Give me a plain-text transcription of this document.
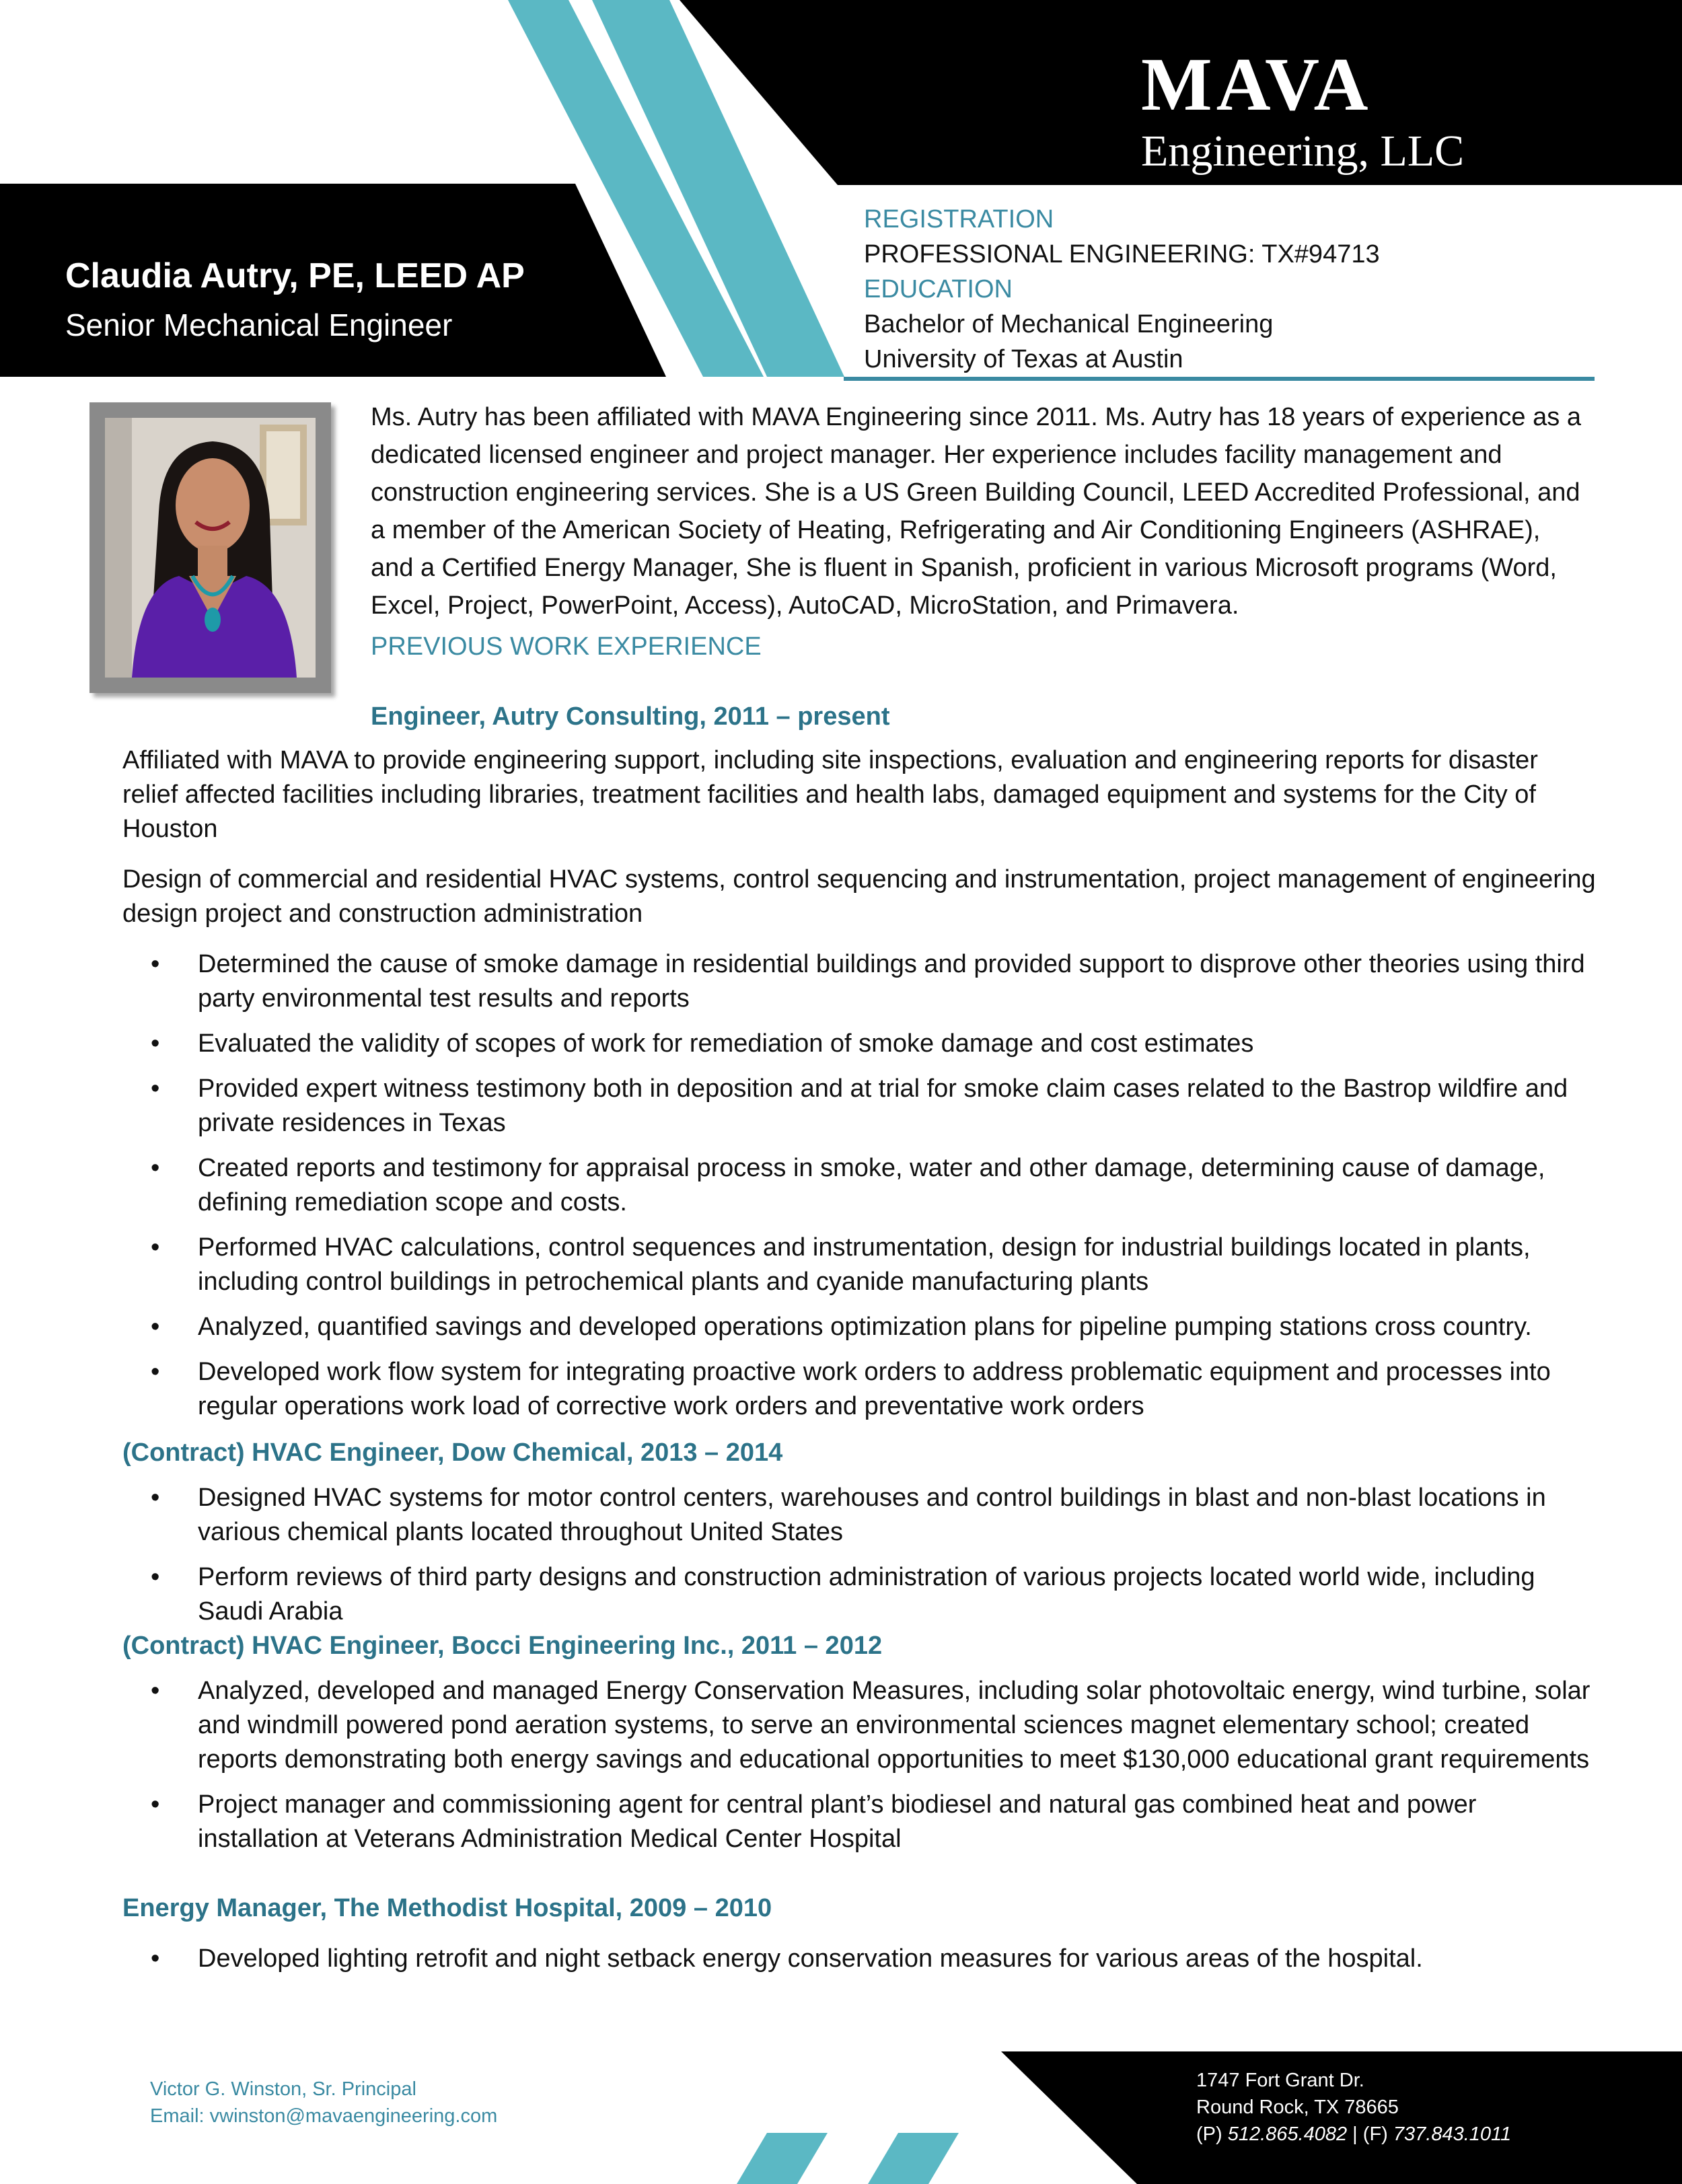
MAVA
Engineering, LLC
Claudia Autry, PE, LEED AP
Senior Mechanical Engineer
REGISTRATION
PROFESSIONAL ENGINEERING: TX#94713
EDUCATION
Bachelor of Mechanical Engineering
University of Texas at Austin
Ms. Autry has been affiliated with MAVA Engineering since 2011. Ms. Autry has 18 years of experience as a dedicated licensed engineer and project manager. Her experience includes facility management and construction engineering services. She is a US Green Building Council, LEED Accredited Professional, and a member of the American Society of Heating, Refrigerating and Air Conditioning Engineers (ASHRAE), and a Certified Energy Manager, She is fluent in Spanish, proficient in various Microsoft programs (Word, Excel, Project, PowerPoint, Access), AutoCAD, MicroStation, and Primavera.
PREVIOUS WORK EXPERIENCE
Engineer, Autry Consulting, 2011 – present

Affiliated with MAVA to provide engineering support, including site inspections, evaluation and engineering reports for disaster relief affected facilities including libraries, treatment facilities and health labs, damaged equipment and systems for the City of Houston

Design of commercial and residential HVAC systems, control sequencing and instrumentation, project management of engineering design project and construction administration

• Determined the cause of smoke damage in residential buildings and provided support to disprove other theories using third party environmental test results and reports
• Evaluated the validity of scopes of work for remediation of smoke damage and cost estimates
• Provided expert witness testimony both in deposition and at trial for smoke claim cases related to the Bastrop wildfire and private residences in Texas
• Created reports and testimony for appraisal process in smoke, water and other damage, determining cause of damage, defining remediation scope and costs.
• Performed HVAC calculations, control sequences and instrumentation, design for industrial buildings located in plants, including control buildings in petrochemical plants and cyanide manufacturing plants
• Analyzed, quantified savings and developed operations optimization plans for pipeline pumping stations cross country.
• Developed work flow system for integrating proactive work orders to address problematic equipment and processes into regular operations work load of corrective work orders and preventative work orders
(Contract) HVAC Engineer, Dow Chemical, 2013 – 2014
• Designed HVAC systems for motor control centers, warehouses and control buildings in blast and non-blast locations in various chemical plants located throughout United States
• Perform reviews of third party designs and construction administration of various projects located world wide, including Saudi Arabia
(Contract) HVAC Engineer, Bocci Engineering Inc., 2011 – 2012
• Analyzed, developed and managed Energy Conservation Measures, including solar photovoltaic energy, wind turbine, solar and windmill powered pond aeration systems, to serve an environmental sciences magnet elementary school; created reports demonstrating both energy savings and educational opportunities to meet $130,000 educational grant requirements
• Project manager and commissioning agent for central plant’s biodiesel and natural gas combined heat and power installation at Veterans Administration Medical Center Hospital
Energy Manager, The Methodist Hospital, 2009 – 2010
• Developed lighting retrofit and night setback energy conservation measures for various areas of the hospital.
Victor G. Winston, Sr. Principal
Email: vwinston@mavaengineering.com
1747 Fort Grant Dr.
Round Rock, TX 78665
(P) 512.865.4082 | (F) 737.843.1011
